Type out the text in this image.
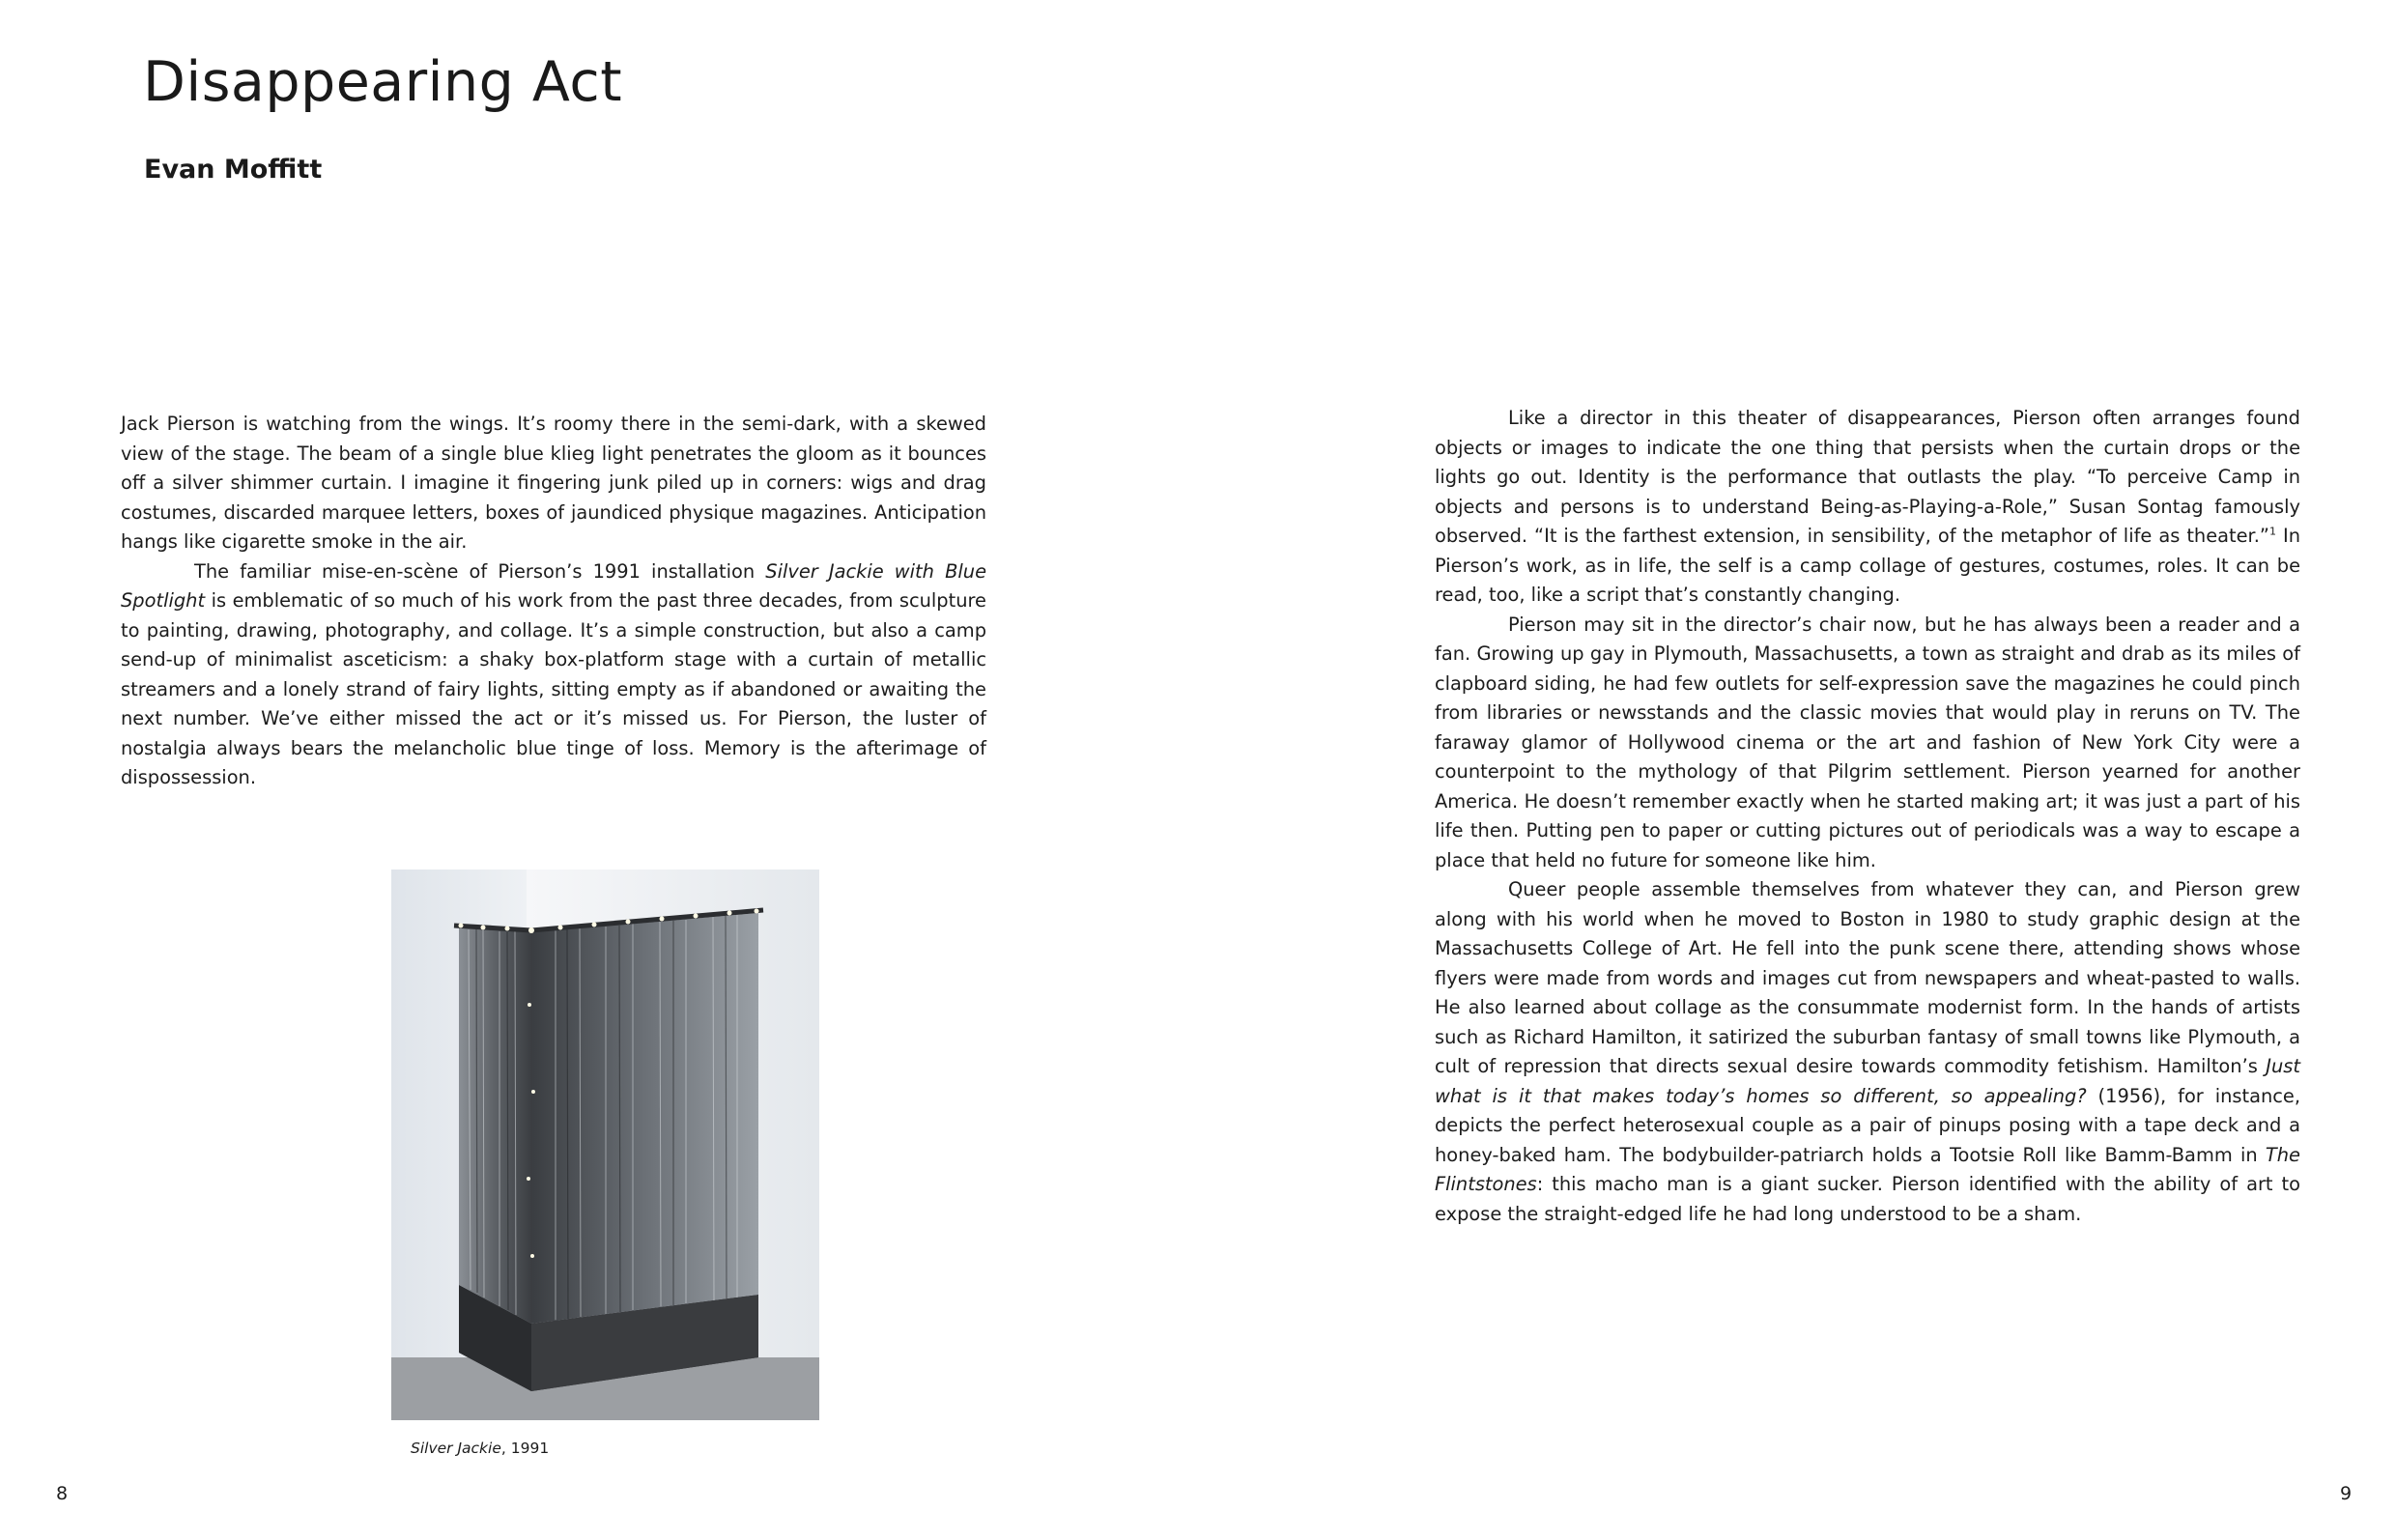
Disappearing Act
Evan Moffitt

Jack Pierson is watching from the wings. It’s roomy there in the semi-dark, with a skewed view of the stage. The beam of a single blue klieg light penetrates the gloom as it bounces off a silver shimmer curtain. I imagine it fingering junk piled up in corners: wigs and drag costumes, discarded marquee letters, boxes of jaundiced physique magazines. Anticipation hangs like cigarette smoke in the air.

The familiar mise-en-scène of Pierson’s 1991 installation Silver Jackie with Blue Spotlight is emblematic of so much of his work from the past three decades, from sculpture to painting, drawing, photography, and collage. It’s a simple construction, but also a camp send-up of minimalist asceticism: a shaky box-platform stage with a curtain of metallic streamers and a lonely strand of fairy lights, sitting empty as if abandoned or awaiting the next number. We’ve either missed the act or it’s missed us. For Pierson, the luster of nostalgia always bears the melancholic blue tinge of loss. Memory is the afterimage of dispossession.

Silver Jackie, 1991

Like a director in this theater of disappearances, Pierson often arranges found objects or images to indicate the one thing that persists when the curtain drops or the lights go out. Identity is the performance that outlasts the play. “To perceive Camp in objects and persons is to understand Being-as-Playing-a-Role,” Susan Sontag famously observed. “It is the farthest extension, in sensibility, of the metaphor of life as theater.”$^1$ In Pierson’s work, as in life, the self is a camp collage of gestures, costumes, roles. It can be read, too, like a script that’s constantly changing.

Pierson may sit in the director’s chair now, but he has always been a reader and a fan. Growing up gay in Plymouth, Massachusetts, a town as straight and drab as its miles of clapboard siding, he had few outlets for self-expression save the magazines he could pinch from libraries or newsstands and the classic movies that would play in reruns on TV. The faraway glamor of Hollywood cinema or the art and fashion of New York City were a counterpoint to the mythology of that Pilgrim settlement. Pierson yearned for another America. He doesn’t remember exactly when he started making art; it was just a part of his life then. Putting pen to paper or cutting pictures out of periodicals was a way to escape a place that held no future for someone like him.

Queer people assemble themselves from whatever they can, and Pierson grew along with his world when he moved to Boston in 1980 to study graphic design at the Massachusetts College of Art. He fell into the punk scene there, attending shows whose flyers were made from words and images cut from newspapers and wheat-pasted to walls. He also learned about collage as the consummate modernist form. In the hands of artists such as Richard Hamilton, it satirized the suburban fantasy of small towns like Plymouth, a cult of repression that directs sexual desire towards commodity fetishism. Hamilton’s Just what is it that makes today’s homes so different, so appealing? (1956), for instance, depicts the perfect heterosexual couple as a pair of pinups posing with a tape deck and a honey-baked ham. The bodybuilder-patriarch holds a Tootsie Roll like Bamm-Bamm in The Flintstones: this macho man is a giant sucker. Pierson identified with the ability of art to expose the straight-edged life he had long understood to be a sham.

8	9
